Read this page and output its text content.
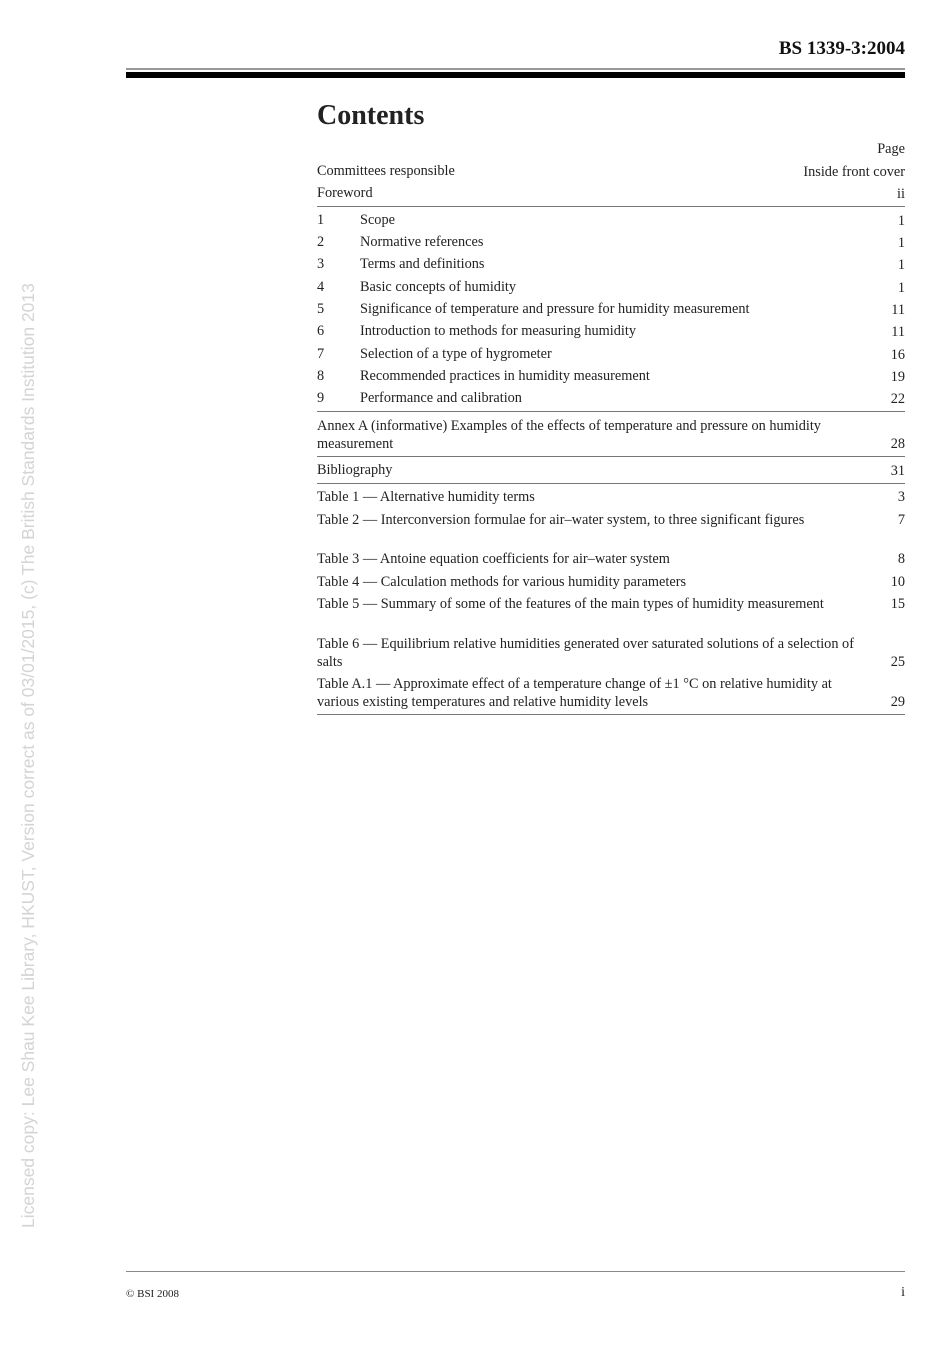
Licensed copy: Lee Shau Kee Library, HKUST, Version correct as of 03/01/2015, (c) The British Standards Institution 2013
BS 1339-3:2004
Contents
Page
Committees responsible	Inside front cover
Foreword	ii
1	Scope	1
2	Normative references	1
3	Terms and definitions	1
4	Basic concepts of humidity	1
5	Significance of temperature and pressure for humidity measurement	11
6	Introduction to methods for measuring humidity	11
7	Selection of a type of hygrometer	16
8	Recommended practices in humidity measurement	19
9	Performance and calibration	22
Annex A (informative) Examples of the effects of temperature and pressure on humidity measurement	28
Bibliography	31
Table 1 — Alternative humidity terms	3
Table 2 — Interconversion formulae for air–water system, to three significant figures	7
Table 3 — Antoine equation coefficients for air–water system	8
Table 4 — Calculation methods for various humidity parameters	10
Table 5 — Summary of some of the features of the main types of humidity measurement	15
Table 6 — Equilibrium relative humidities generated over saturated solutions of a selection of salts	25
Table A.1 — Approximate effect of a temperature change of ±1 °C on relative humidity at various existing temperatures and relative humidity levels	29
© BSI 2008	i
